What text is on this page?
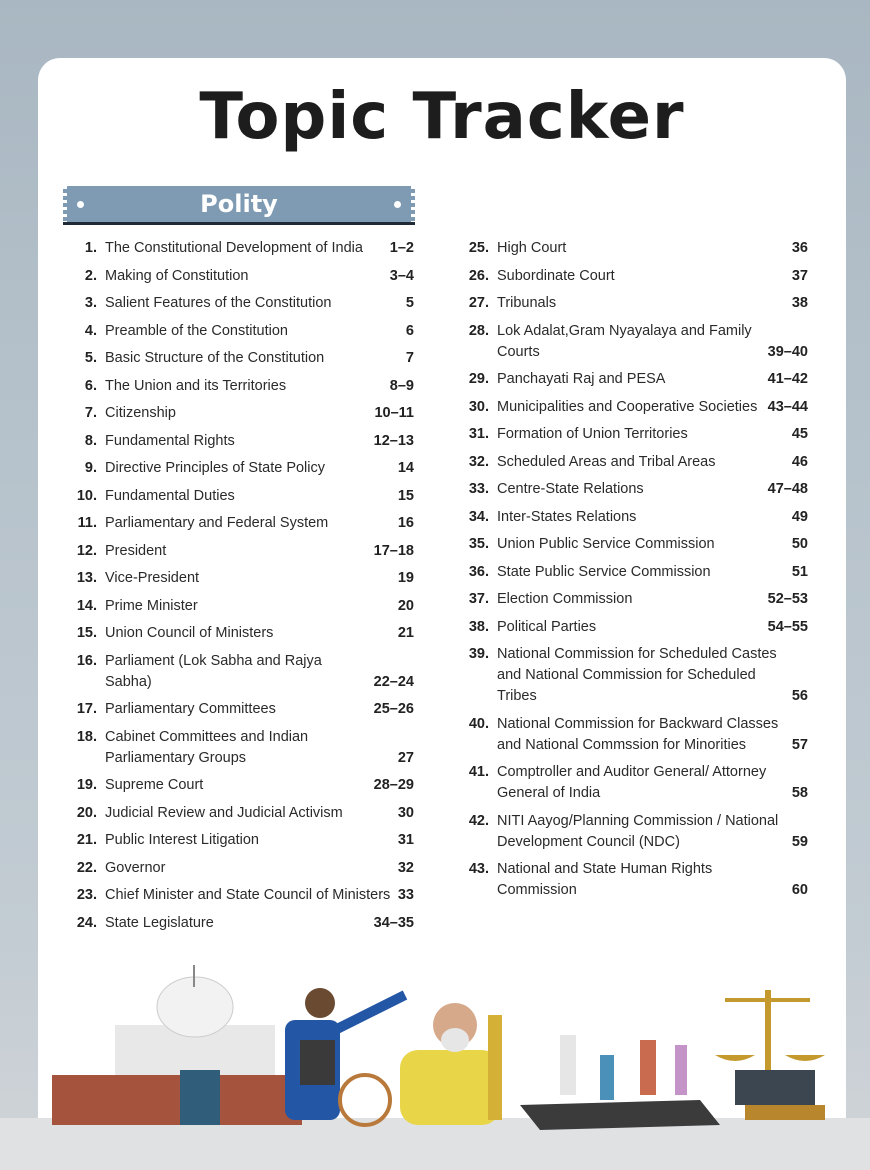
Topic Tracker
Polity
1. The Constitutional Development of India	1–2
2. Making of Constitution	3–4
3. Salient Features of the Constitution	5
4. Preamble of the Constitution	6
5. Basic Structure of the Constitution	7
6. The Union and its Territories	8–9
7. Citizenship	10–11
8. Fundamental Rights	12–13
9. Directive Principles of State Policy	14
10. Fundamental Duties	15
11. Parliamentary and Federal System	16
12. President	17–18
13. Vice-President	19
14. Prime Minister	20
15. Union Council of Ministers	21
16. Parliament (Lok Sabha and Rajya Sabha)	22–24
17. Parliamentary Committees	25–26
18. Cabinet Committees and Indian Parliamentary Groups	27
19. Supreme Court	28–29
20. Judicial Review and Judicial Activism	30
21. Public Interest Litigation	31
22. Governor	32
23. Chief Minister and State Council of Ministers 33
24. State Legislature	34–35
25. High Court	36
26. Subordinate Court	37
27. Tribunals	38
28. Lok Adalat,Gram Nyayalaya and Family Courts	39–40
29. Panchayati Raj and PESA	41–42
30. Municipalities and Cooperative Societies 43–44
31. Formation of Union Territories	45
32. Scheduled Areas and Tribal Areas	46
33. Centre-State Relations	47–48
34. Inter-States Relations	49
35. Union Public Service Commission	50
36. State Public Service Commission	51
37. Election Commission	52–53
38. Political Parties	54–55
39. National Commission for Scheduled Castes and National Commission for Scheduled Tribes	56
40. National Commission for Backward Classes and National Commssion for Minorities	57
41. Comptroller and Auditor General/ Attorney General of India	58
42. NITI Aayog/Planning Commission / National Development Council (NDC)	59
43. National and State Human Rights Commission	60
